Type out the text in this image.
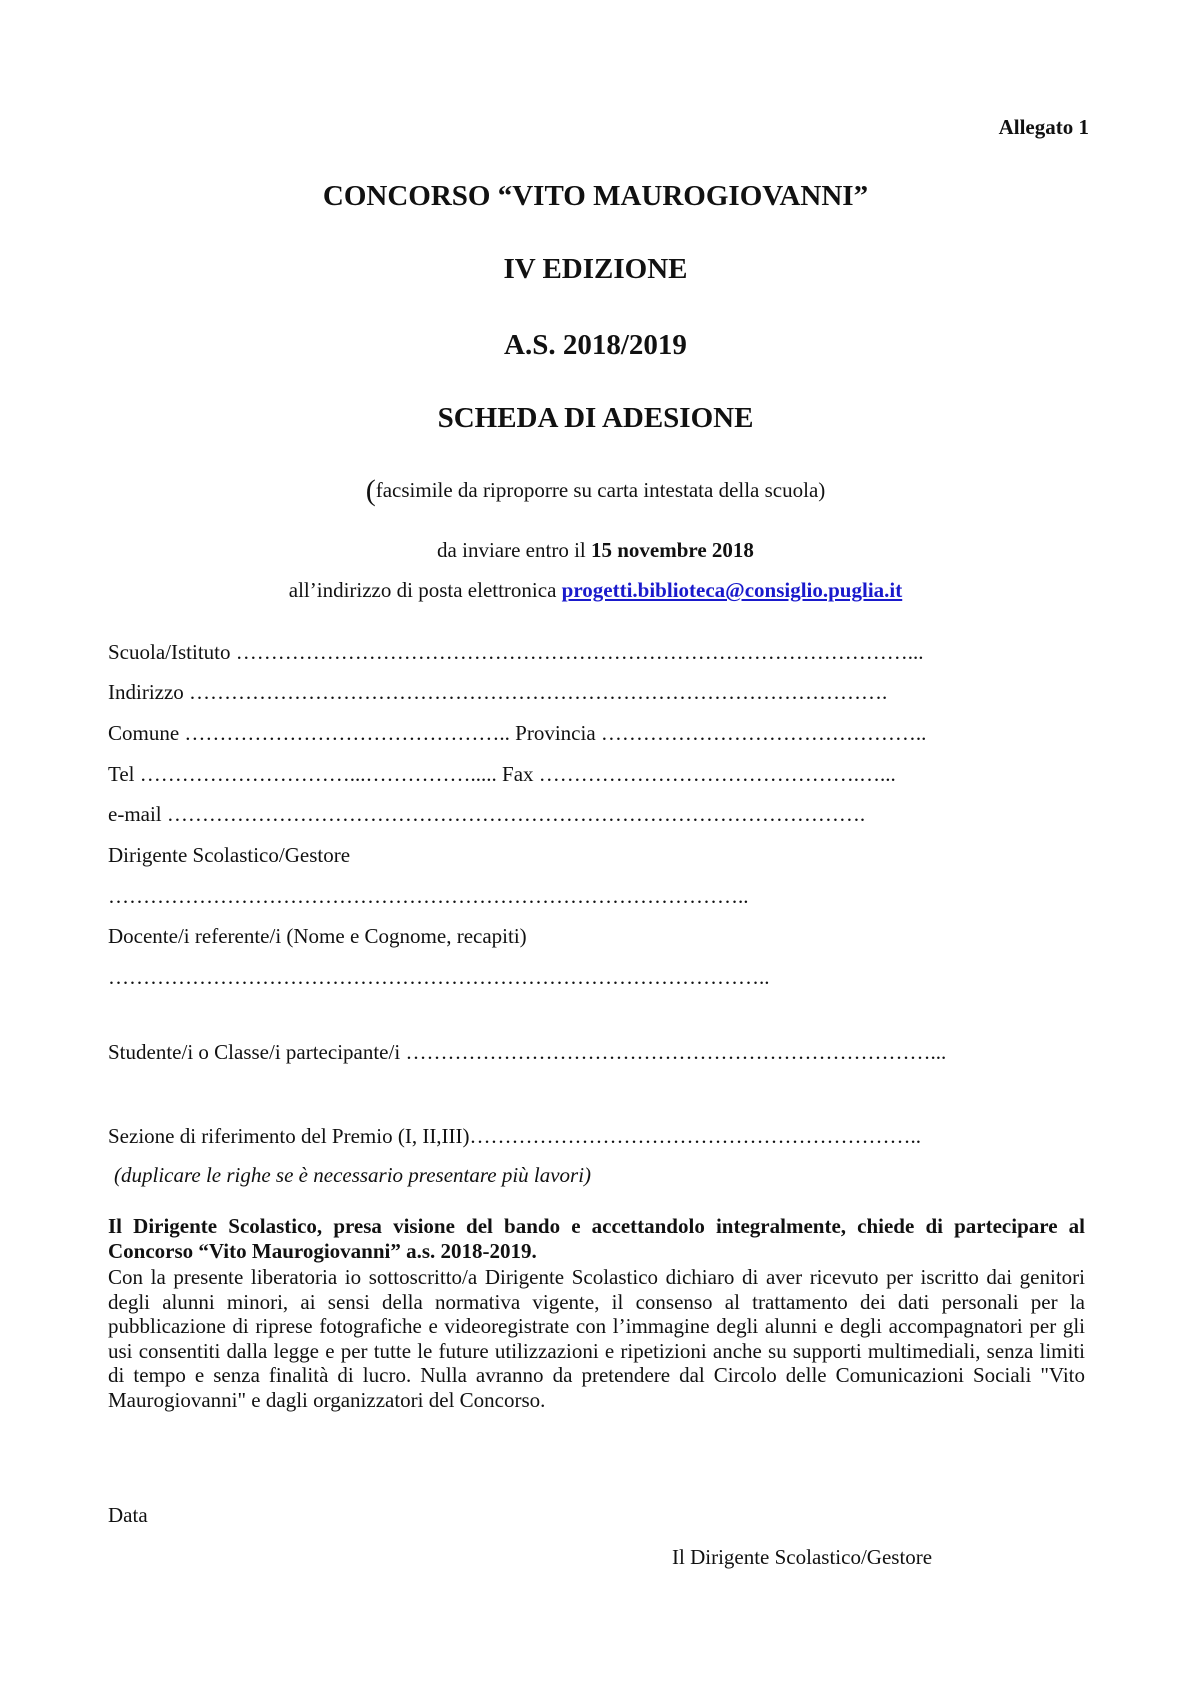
Allegato 1
CONCORSO “VITO MAUROGIOVANNI”
IV EDIZIONE
A.S. 2018/2019
SCHEDA DI ADESIONE
(facsimile da riproporre su carta intestata della scuola)
da inviare entro il 15 novembre 2018
all’indirizzo di posta elettronica progetti.biblioteca@consiglio.puglia.it
Scuola/Istituto ……………………………………………………………………………………...
Indirizzo ……………………………………………………………………………………….
Comune ……………………………………….. Provincia ………………………………………..
Tel …………………………...……………..... Fax ……………………………………….…...
e-mail ……………………………………………………………………………………….
Dirigente Scolastico/Gestore
………………………………………………………………………………..
Docente/i referente/i (Nome e Cognome, recapiti)
…………………………………………………………………………………..
Studente/i o Classe/i partecipante/i …………………………………………………………………...
Sezione di riferimento del Premio (I, II,III)………………………………………………………..
(duplicare le righe se è necessario presentare più lavori)
Il Dirigente Scolastico, presa visione del bando e accettandolo integralmente, chiede di partecipare al Concorso “Vito Maurogiovanni” a.s. 2018-2019.
Con la presente liberatoria io sottoscritto/a Dirigente Scolastico dichiaro di aver ricevuto per iscritto dai genitori degli alunni minori, ai sensi della normativa vigente, il consenso al trattamento dei dati personali per la pubblicazione di riprese fotografiche e videoregistrate con l’immagine degli alunni e degli accompagnatori per gli usi consentiti dalla legge e per tutte le future utilizzazioni e ripetizioni anche su supporti multimediali, senza limiti di tempo e senza finalità di lucro. Nulla avranno da pretendere dal Circolo delle Comunicazioni Sociali "Vito Maurogiovanni" e dagli organizzatori del Concorso.
Data
Il Dirigente Scolastico/Gestore
